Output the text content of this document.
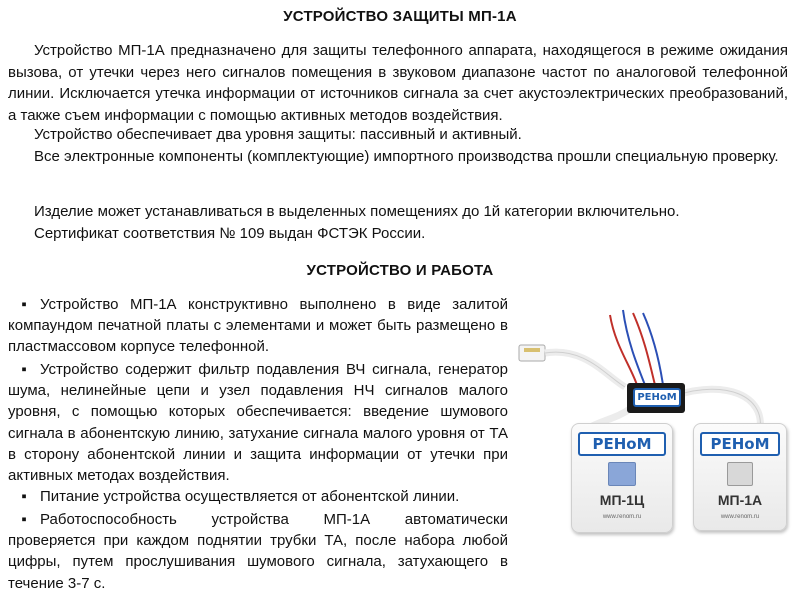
УСТРОЙСТВО ЗАЩИТЫ МП-1А

Устройство МП-1А предназначено для защиты телефонного аппарата, находящегося в режиме ожидания вызова, от утечки через него сигналов помещения в звуковом диапазоне частот по аналоговой телефонной линии. Исключается утечка информации от источников сигнала за счет акустоэлектрических преобразований, а также съем информации с помощью активных методов воздействия.

Устройство обеспечивает два уровня защиты: пассивный и активный.

Все электронные компоненты (комплектующие) импортного производства прошли специальную проверку.

Изделие может устанавливаться в выделенных помещениях до 1й категории включительно.

Сертификат соответствия № 109 выдан ФСТЭК России.

УСТРОЙСТВО И РАБОТА

▪ Устройство МП-1А конструктивно выполнено в виде залитой компаундом печатной платы с элементами и может быть размещено в пластмассовом корпусе телефонной.

▪ Устройство содержит фильтр подавления ВЧ сигнала, генератор шума, нелинейные цепи и узел подавления НЧ сигналов малого уровня, с помощью которых обеспечивается: введение шумового сигнала в абонентскую линию, затухание сигнала малого уровня от ТА в сторону абонентской линии и защита информации от утечки при активных методах воздействия.

▪ Питание устройства осуществляется от абонентской линии.

▪ Работоспособность устройства МП-1А автоматически проверяется при каждом поднятии трубки ТА, после набора любой цифры, путем прослушивания шумового сигнала, затухающего в течение 3-7 с.

РЕНоМ
РЕНоМ
МП-1Ц
www.renom.ru
РЕНоМ
МП-1А
www.renom.ru
